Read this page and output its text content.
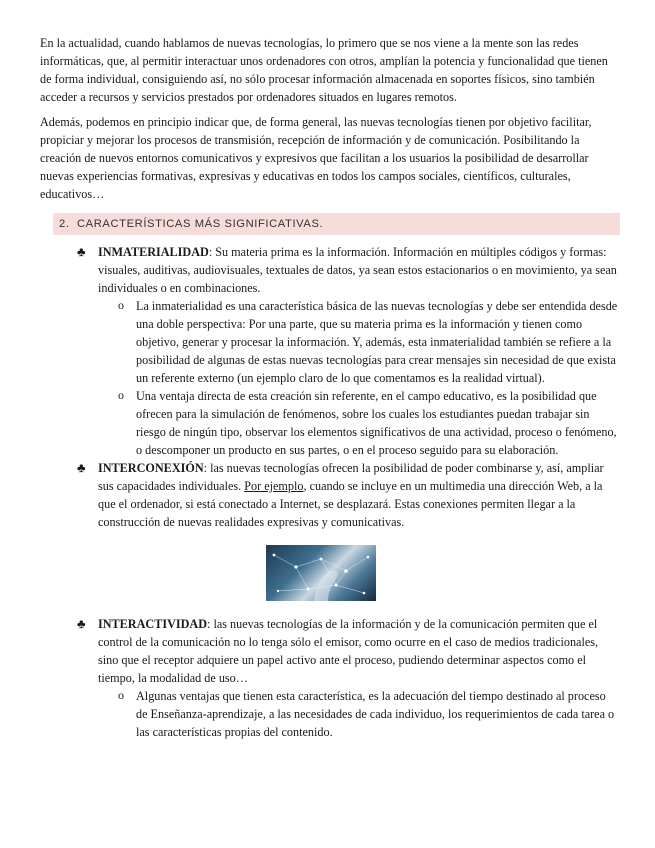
En la actualidad, cuando hablamos de nuevas tecnologías, lo primero que se nos viene a la mente son las redes informáticas, que, al permitir interactuar unos ordenadores con otros, amplían la potencia y funcionalidad que tienen de forma individual, consiguiendo así, no sólo procesar información almacenada en soportes físicos, sino también acceder a recursos y servicios prestados por ordenadores situados en lugares remotos.

Además, podemos en principio indicar que, de forma general, las nuevas tecnologías tienen por objetivo facilitar, propiciar y mejorar los procesos de transmisión, recepción de información y de comunicación. Posibilitando la creación de nuevos entornos comunicativos y expresivos que facilitan a los usuarios la posibilidad de desarrollar nuevas experiencias formativas, expresivas y educativas en todos los campos sociales, científicos, culturales, educativos…

2. CARACTERÍSTICAS MÁS SIGNIFICATIVAS.
♣ INMATERIALIDAD: Su materia prima es la información. Información en múltiples códigos y formas: visuales, auditivas, audiovisuales, textuales de datos, ya sean estos estacionarios o en movimiento, ya sean individuales o en combinaciones.
o La inmaterialidad es una característica básica de las nuevas tecnologías y debe ser entendida desde una doble perspectiva: Por una parte, que su materia prima es la información y tienen como objetivo, generar y procesar la información. Y, además, esta inmaterialidad también se refiere a la posibilidad de algunas de estas nuevas tecnologías para crear mensajes sin necesidad de que exista un referente externo (un ejemplo claro de lo que comentamos es la realidad virtual).
o Una ventaja directa de esta creación sin referente, en el campo educativo, es la posibilidad que ofrecen para la simulación de fenómenos, sobre los cuales los estudiantes puedan trabajar sin riesgo de ningún tipo, observar los elementos significativos de una actividad, proceso o fenómeno, o descomponer un producto en sus partes, o en el proceso seguido para su elaboración.
♣ INTERCONEXIÓN: las nuevas tecnologías ofrecen la posibilidad de poder combinarse y, así, ampliar sus capacidades individuales. Por ejemplo, cuando se incluye en un multimedia una dirección Web, a la que el ordenador, si está conectado a Internet, se desplazará. Estas conexiones permiten llegar a la construcción de nuevas realidades expresivas y comunicativas.
♣ INTERACTIVIDAD: las nuevas tecnologías de la información y de la comunicación permiten que el control de la comunicación no lo tenga sólo el emisor, como ocurre en el caso de medios tradicionales, sino que el receptor adquiere un papel activo ante el proceso, pudiendo determinar aspectos como el tiempo, la modalidad de uso…
o Algunas ventajas que tienen esta característica, es la adecuación del tiempo destinado al proceso de Enseñanza-aprendizaje, a las necesidades de cada individuo, los requerimientos de cada tarea o las características propias del contenido.
